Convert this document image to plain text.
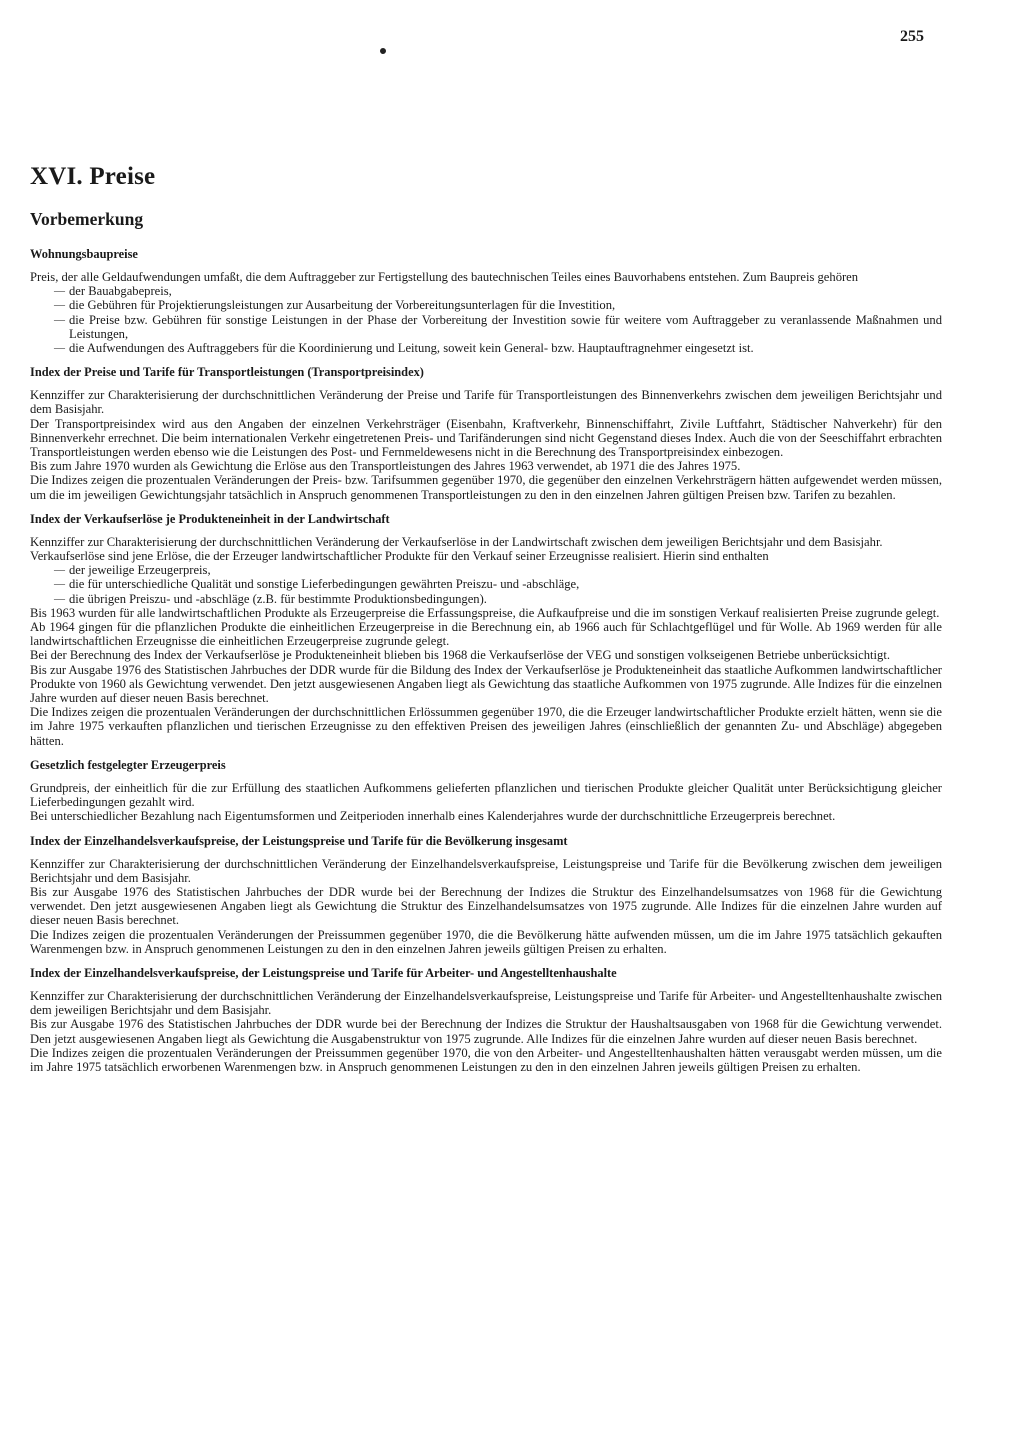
255
XVI. Preise
Vorbemerkung
Wohnungsbaupreise

Preis, der alle Geldaufwendungen umfaßt, die dem Auftraggeber zur Fertigstellung des bautechnischen Teiles eines Bauvorhabens entstehen. Zum Baupreis gehören

— der Bauabgabepreis,
— die Gebühren für Projektierungsleistungen zur Ausarbeitung der Vorbereitungsunterlagen für die Investition,
— die Preise bzw. Gebühren für sonstige Leistungen in der Phase der Vorbereitung der Investition sowie für weitere vom Auftraggeber zu veranlassende Maßnahmen und Leistungen,
— die Aufwendungen des Auftraggebers für die Koordinierung und Leitung, soweit kein General- bzw. Hauptauftragnehmer eingesetzt ist.
Index der Preise und Tarife für Transportleistungen (Transportpreisindex)

Kennziffer zur Charakterisierung der durchschnittlichen Veränderung der Preise und Tarife für Transportleistungen des Binnenverkehrs zwischen dem jeweiligen Berichtsjahr und dem Basisjahr.

Der Transportpreisindex wird aus den Angaben der einzelnen Verkehrsträger (Eisenbahn, Kraftverkehr, Binnenschiffahrt, Zivile Luftfahrt, Städtischer Nahverkehr) für den Binnenverkehr errechnet. Die beim internationalen Verkehr eingetretenen Preis- und Tarifänderungen sind nicht Gegenstand dieses Index. Auch die von der Seeschiffahrt erbrachten Transportleistungen werden ebenso wie die Leistungen des Post- und Fernmeldewesens nicht in die Berechnung des Transportpreisindex einbezogen.

Bis zum Jahre 1970 wurden als Gewichtung die Erlöse aus den Transportleistungen des Jahres 1963 verwendet, ab 1971 die des Jahres 1975.

Die Indizes zeigen die prozentualen Veränderungen der Preis- bzw. Tarifsummen gegenüber 1970, die gegenüber den einzelnen Verkehrsträgern hätten aufgewendet werden müssen, um die im jeweiligen Gewichtungsjahr tatsächlich in Anspruch genommenen Transportleistungen zu den in den einzelnen Jahren gültigen Preisen bzw. Tarifen zu bezahlen.

Index der Verkaufserlöse je Produkteneinheit in der Landwirtschaft

Kennziffer zur Charakterisierung der durchschnittlichen Veränderung der Verkaufserlöse in der Landwirtschaft zwischen dem jeweiligen Berichtsjahr und dem Basisjahr.

Verkaufserlöse sind jene Erlöse, die der Erzeuger landwirtschaftlicher Produkte für den Verkauf seiner Erzeugnisse realisiert. Hierin sind enthalten

— der jeweilige Erzeugerpreis,
— die für unterschiedliche Qualität und sonstige Lieferbedingungen gewährten Preiszu- und -abschläge,
— die übrigen Preiszu- und -abschläge (z.B. für bestimmte Produktionsbedingungen).

Bis 1963 wurden für alle landwirtschaftlichen Produkte als Erzeugerpreise die Erfassungspreise, die Aufkaufpreise und die im sonstigen Verkauf realisierten Preise zugrunde gelegt.

Ab 1964 gingen für die pflanzlichen Produkte die einheitlichen Erzeugerpreise in die Berechnung ein, ab 1966 auch für Schlachtgeflügel und für Wolle. Ab 1969 werden für alle landwirtschaftlichen Erzeugnisse die einheitlichen Erzeugerpreise zugrunde gelegt.

Bei der Berechnung des Index der Verkaufserlöse je Produkteneinheit blieben bis 1968 die Verkaufserlöse der VEG und sonstigen volkseigenen Betriebe unberücksichtigt.

Bis zur Ausgabe 1976 des Statistischen Jahrbuches der DDR wurde für die Bildung des Index der Verkaufserlöse je Produkteneinheit das staatliche Aufkommen landwirtschaftlicher Produkte von 1960 als Gewichtung verwendet. Den jetzt ausgewiesenen Angaben liegt als Gewichtung das staatliche Aufkommen von 1975 zugrunde. Alle Indizes für die einzelnen Jahre wurden auf dieser neuen Basis berechnet.

Die Indizes zeigen die prozentualen Veränderungen der durchschnittlichen Erlössummen gegenüber 1970, die die Erzeuger landwirtschaftlicher Produkte erzielt hätten, wenn sie die im Jahre 1975 verkauften pflanzlichen und tierischen Erzeugnisse zu den effektiven Preisen des jeweiligen Jahres (einschließlich der genannten Zu- und Abschläge) abgegeben hätten.

Gesetzlich festgelegter Erzeugerpreis

Grundpreis, der einheitlich für die zur Erfüllung des staatlichen Aufkommens gelieferten pflanzlichen und tierischen Produkte gleicher Qualität unter Berücksichtigung gleicher Lieferbedingungen gezahlt wird.

Bei unterschiedlicher Bezahlung nach Eigentumsformen und Zeitperioden innerhalb eines Kalenderjahres wurde der durchschnittliche Erzeugerpreis berechnet.

Index der Einzelhandelsverkaufspreise, der Leistungspreise und Tarife für die Bevölkerung insgesamt

Kennziffer zur Charakterisierung der durchschnittlichen Veränderung der Einzelhandelsverkaufspreise, Leistungspreise und Tarife für die Bevölkerung zwischen dem jeweiligen Berichtsjahr und dem Basisjahr.

Bis zur Ausgabe 1976 des Statistischen Jahrbuches der DDR wurde bei der Berechnung der Indizes die Struktur des Einzelhandelsumsatzes von 1968 für die Gewichtung verwendet. Den jetzt ausgewiesenen Angaben liegt als Gewichtung die Struktur des Einzelhandelsumsatzes von 1975 zugrunde. Alle Indizes für die einzelnen Jahre wurden auf dieser neuen Basis berechnet.

Die Indizes zeigen die prozentualen Veränderungen der Preissummen gegenüber 1970, die die Bevölkerung hätte aufwenden müssen, um die im Jahre 1975 tatsächlich gekauften Warenmengen bzw. in Anspruch genommenen Leistungen zu den in den einzelnen Jahren jeweils gültigen Preisen zu erhalten.

Index der Einzelhandelsverkaufspreise, der Leistungspreise und Tarife für Arbeiter- und Angestelltenhaushalte

Kennziffer zur Charakterisierung der durchschnittlichen Veränderung der Einzelhandelsverkaufspreise, Leistungspreise und Tarife für Arbeiter- und Angestelltenhaushalte zwischen dem jeweiligen Berichtsjahr und dem Basisjahr.

Bis zur Ausgabe 1976 des Statistischen Jahrbuches der DDR wurde bei der Berechnung der Indizes die Struktur der Haushaltsausgaben von 1968 für die Gewichtung verwendet. Den jetzt ausgewiesenen Angaben liegt als Gewichtung die Ausgabenstruktur von 1975 zugrunde. Alle Indizes für die einzelnen Jahre wurden auf dieser neuen Basis berechnet.

Die Indizes zeigen die prozentualen Veränderungen der Preissummen gegenüber 1970, die von den Arbeiter- und Angestelltenhaushalten hätten verausgabt werden müssen, um die im Jahre 1975 tatsächlich erworbenen Warenmengen bzw. in Anspruch genommenen Leistungen zu den in den einzelnen Jahren jeweils gültigen Preisen zu erhalten.
